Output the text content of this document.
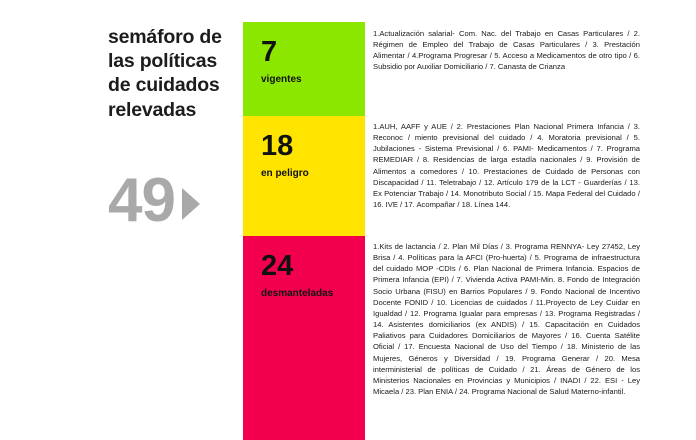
semáforo de las políticas de cuidados relevadas
49
7
vigentes
18
en peligro
24
desmanteladas
1.Actualización salarial- Com. Nac. del Trabajo en Casas Particulares / 2. Régimen de Empleo del Trabajo de Casas Particulares / 3. Prestación Alimentar / 4.Programa Progresar / 5. Acceso a Medicamentos de otro tipo / 6. Subsidio por Auxiliar Domiciliario / 7. Canasta de Crianza
1.AUH, AAFF y AUE / 2. Prestaciones Plan Nacional Primera Infancia / 3. Reconoc / miento previsional del cuidado / 4. Moratoria previsional / 5. Jubilaciones - Sistema Previsional / 6. PAMI- Medicamentos / 7. Programa REMEDIAR / 8. Residencias de larga estadía nacionales / 9. Provisión de Alimentos a comedores / 10. Prestaciones de Cuidado de Personas con Discapacidad / 11. Teletrabajo / 12. Artículo 179 de la LCT - Guarderías / 13. Ex Potenciar Trabajo / 14. Monotributo Social / 15. Mapa Federal del Cuidado / 16. IVE / 17. Acompañar / 18. Línea 144.
1.Kits de lactancia / 2. Plan Mil Días / 3. Programa RENNYA- Ley 27452, Ley Brisa / 4. Políticas para la AFCI (Pro-huerta) / 5. Programa de infraestructura del cuidado MOP -CDIs / 6. Plan Nacional de Primera Infancia. Espacios de Primera Infancia (EPI) / 7. Vivienda Activa PAMI-Min. 8. Fondo de Integración Socio Urbana (FISU) en Barrios Populares / 9. Fondo Nacional de Incentivo Docente FONID / 10. Licencias de cuidados / 11.Proyecto de Ley Cuidar en Igualdad / 12. Programa Igualar para empresas / 13. Programa Registradas / 14. Asistentes domiciliarios (ex ANDIS) / 15. Capacitación en Cuidados Paliativos para Cuidadores Domiciliarios de Mayores / 16. Cuenta Satélite Oficial / 17. Encuesta Nacional de Uso del Tiempo / 18. Ministerio de las Mujeres, Géneros y Diversidad / 19. Programa Generar / 20. Mesa interministerial de políticas de Cuidado / 21. Áreas de Género de los Ministerios Nacionales en Provincias y Municipios / INADI / 22. ESI - Ley Micaela / 23. Plan ENIA / 24. Programa Nacional de Salud Materno-infantil.
